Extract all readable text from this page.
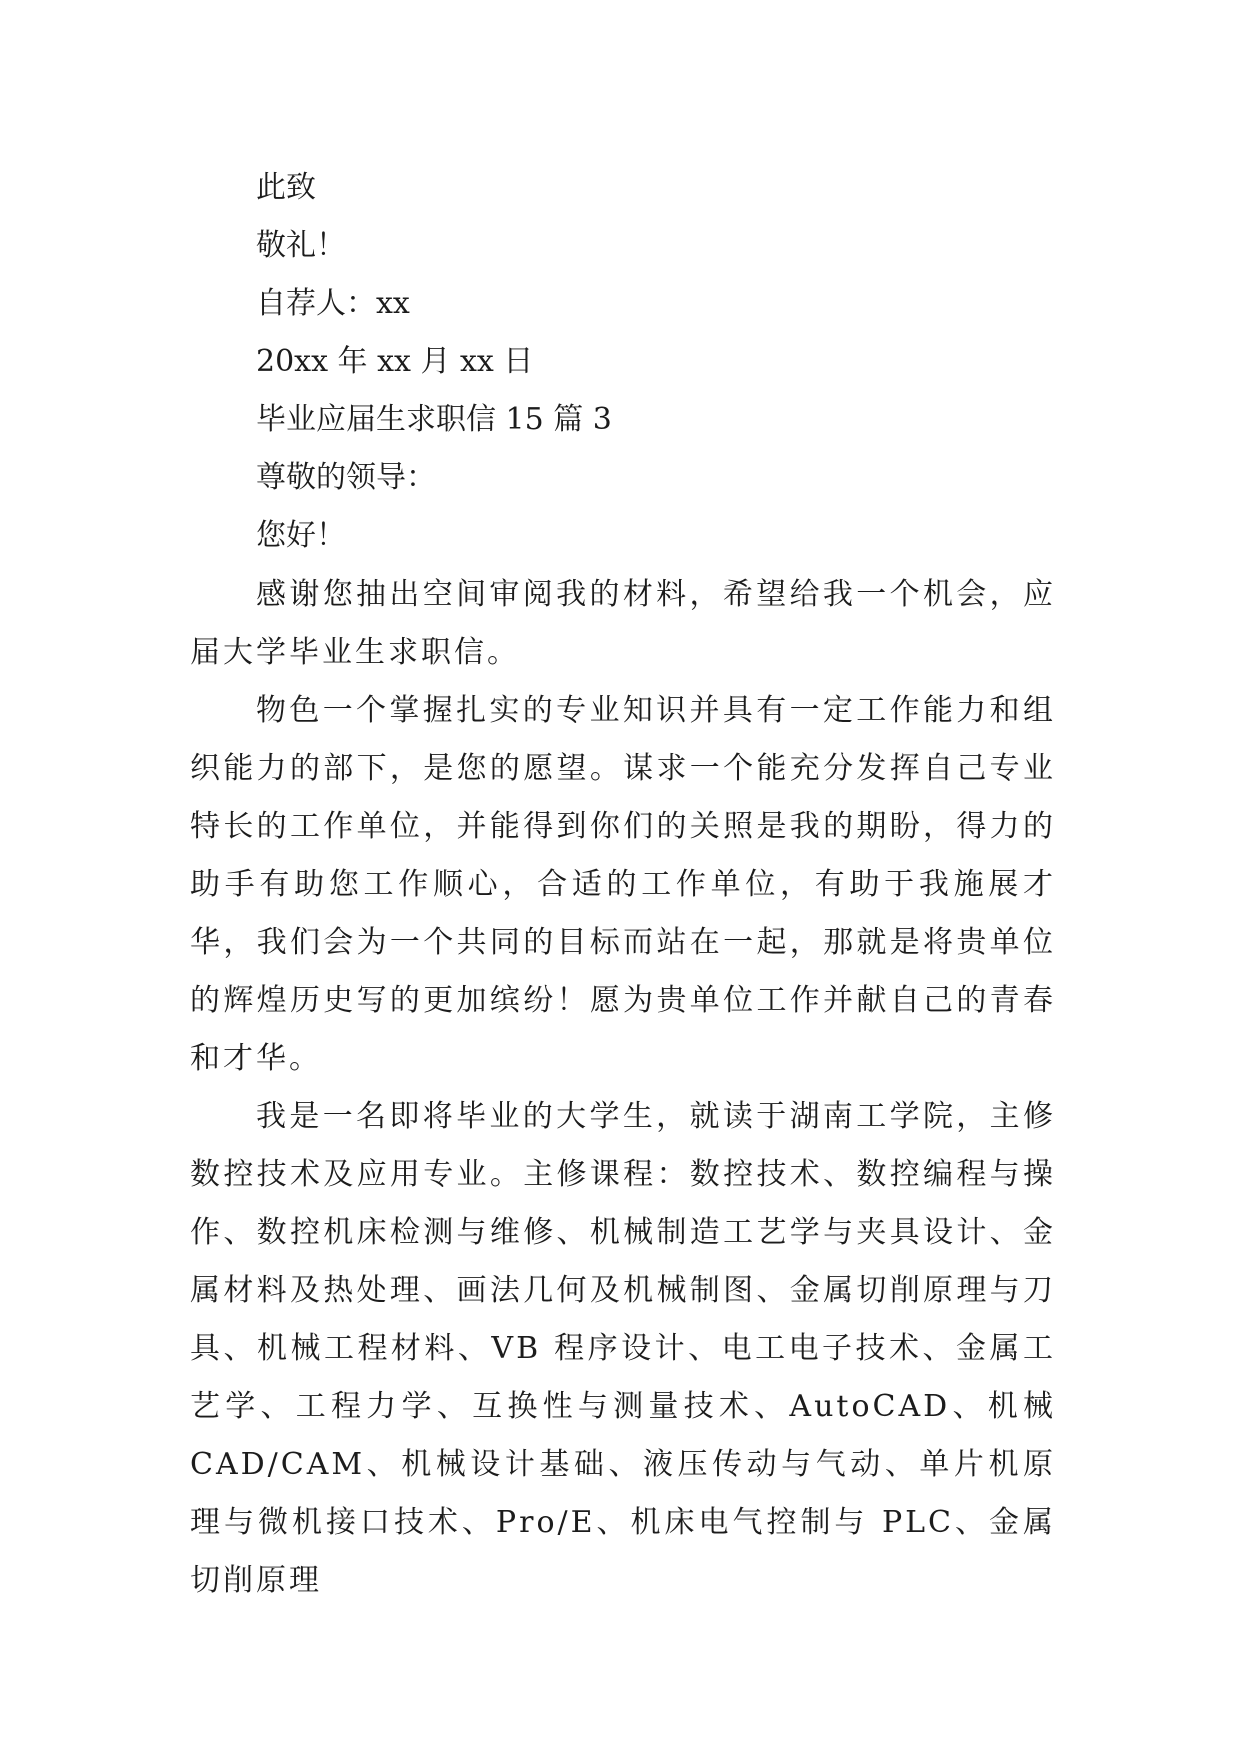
此致
敬礼！
自荐人：xx
20xx 年 xx 月 xx 日
毕业应届生求职信 15 篇 3
尊敬的领导：
您好！

感谢您抽出空间审阅我的材料，希望给我一个机会，应届大学毕业生求职信。

物色一个掌握扎实的专业知识并具有一定工作能力和组织能力的部下，是您的愿望。谋求一个能充分发挥自己专业特长的工作单位，并能得到你们的关照是我的期盼，得力的助手有助您工作顺心，合适的工作单位，有助于我施展才华，我们会为一个共同的目标而站在一起，那就是将贵单位的辉煌历史写的更加缤纷！愿为贵单位工作并献自己的青春和才华。

我是一名即将毕业的大学生，就读于湖南工学院，主修数控技术及应用专业。主修课程：数控技术、数控编程与操作、数控机床检测与维修、机械制造工艺学与夹具设计、金属材料及热处理、画法几何及机械制图、金属切削原理与刀具、机械工程材料、VB 程序设计、电工电子技术、金属工艺学、工程力学、互换性与测量技术、AutoCAD、机械 CAD/CAM、机械设计基础、液压传动与气动、单片机原理与微机接口技术、Pro/E、机床电气控制与 PLC、金属切削原理
